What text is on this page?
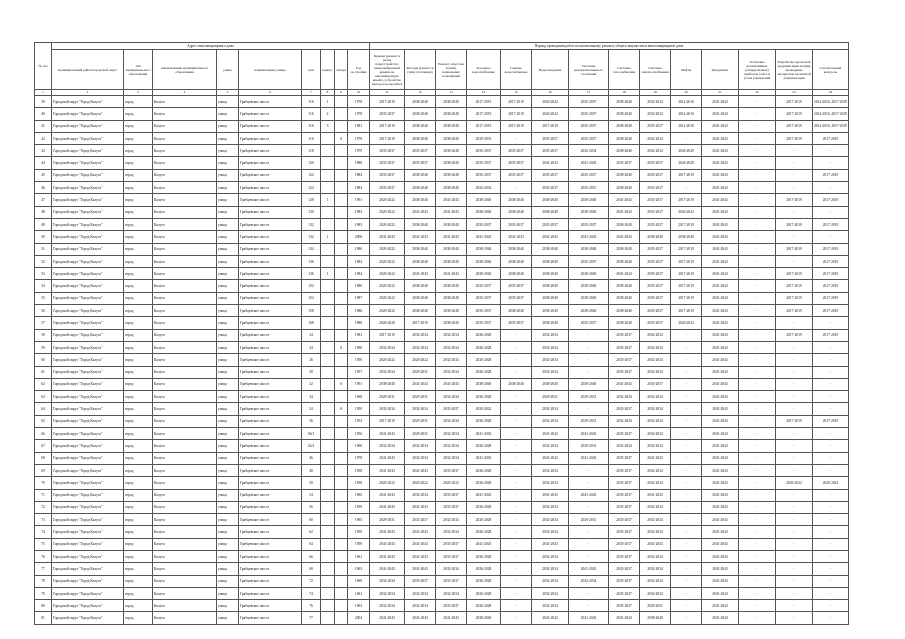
№ п/п	Адрес многоквартирного дома									Период проведения работ по капитальному ремонту общего имущества в многоквартирном доме													
	муниципальный район/городской округ	тип муниципального образования	наименование муниципального образования	улица	наименование улицы	дом	корпус	литера	Год постройки	Крыши (ремонт в (или) переустройство невентилируемой крыши на вентилируемую крышу, устройство выходов на кровлю)	Фасады (ремонт и (или) утепление)	Ремонт отмостки и (или) подвальных помещений	Холодное водоснабжение	Горячее водоснабжение	Водоотведение	Системы централизованного отопления	Системы газоснабжения	Системы электроснабжения	Лифты	Фундамент	Установка коллективных (общедомовых) приборов учета и узлов управления	Разработка проектной документации и (или) проведение экспертизы проектной документации	Строительный контроль
1	2	3	4	5	6	7	8	9	10	11	12	13	14	15	16	17	18	19	20	21	22	23	24
39	Городской округ "Город Калуга"	город	Калуга	улица	Грабцевское шоссе	116	1		1978	2017-2019	2038-2040	2038-2040	2017-2019	2017-2019	2020-2022	2035-2037	2038-2040	2032-2034	2014-2016	2041-2043	-	2017-2019	2014-2016, 2017-2019
40	Городской округ "Город Калуга"	город	Калуга	улица	Грабцевское шоссе	116	2		1978	2035-2037	2038-2040	2038-2040	2017-2019	2017-2019	2020-2022	2035-2037	2038-2040	2032-2034	2014-2016	2041-2043	-	2017-2019	2014-2016, 2017-2019
41	Городской округ "Город Калуга"	город	Калуга	улица	Грабцевское шоссе	116	3		1981	2017-2019	2038-2040	2038-2040	2017-2019	2017-2019	2017-2019	2035-2037	2038-2040	2035-2037	2014-2016	2041-2043	-	2017-2019	2014-2016, 2017-2019
42	Городской округ "Город Калуга"	город	Калуга	улица	Грабцевское шоссе	116		А	1978	2017-2019	2038-2040	2038-2040	2029-2031	-	2035-2037	2035-2037	2038-2040	2032-2034	-	2041-2043	-	2017-2019	2017-2019
43	Городской округ "Город Калуга"	город	Калуга	улица	Грабцевское шоссе	118			1979	2035-2037	2035-2037	2038-2040	2035-2037	2035-2037	2035-2037	2032-2034	2038-2040	2032-2034	2026-2028	2041-2043	-	-	-
44	Городской округ "Город Калуга"	город	Калуга	улица	Грабцевское шоссе	120			1988	2035-2037	2035-2037	2038-2040	2035-2037	2035-2037	2041-2043	2041-2043	2035-2037	2035-2037	2026-2028	2041-2043	-	-	-
45	Городской округ "Город Калуга"	город	Калуга	улица	Грабцевское шоссе	122			1882	2035-2037	2038-2040	2038-2040	2035-2037	2035-2037	2035-2037	2035-2037	2038-2040	2035-2037	2017-2019	2041-2043	-	-	2017-2019
46	Городской округ "Город Калуга"	город	Калуга	улица	Грабцевское шоссе	124			1884	2035-2037	2038-2040	2038-2040	2032-2034	-	2035-2037	2035-2037	2038-2040	2035-2037	-	2041-2043	-	-	-
47	Городской округ "Город Калуга"	город	Калуга	улица	Грабцевское шоссе	128	1		1991	2020-2022	2038-2040	2041-2043	2038-2040	2038-2040	2038-2040	2038-2040	2041-2043	2035-2037	2017-2019	2041-2043	-	2017-2019	2017-2019
48	Городской округ "Город Калуга"	город	Калуга	улица	Грабцевское шоссе	130			1983	2020-2022	2041-2043	2041-2043	2038-2040	2038-2040	2038-2040	2038-2040	2041-2043	2035-2037	2020-2022	2041-2043	-	-	-
49	Городской округ "Город Калуга"	город	Калуга	улица	Грабцевское шоссе	132			1983	2020-2022	2038-2040	2038-2040	2035-2037	2035-2037	2035-2037	2035-2037	2038-2040	2035-2037	2017-2019	2041-2043	-	2017-2019	2017-2019
50	Городской округ "Город Калуга"	город	Калуга	улица	Грабцевское шоссе	132	1		2006	2041-2043	2041-2043	2041-2043	2041-2043	2041-2043	2041-2043	2041-2043	2041-2043	2038-2040	2038-2040	2041-2043	-	-	-
51	Городской округ "Город Калуга"	город	Калуга	улица	Грабцевское шоссе	134			1986	2020-2022	2038-2040	2038-2040	2038-2040	2038-2040	2038-2040	2038-2040	2038-2040	2035-2037	2017-2019	2041-2043	-	2017-2019	2017-2019
52	Городской округ "Город Калуга"	город	Калуга	улица	Грабцевское шоссе	136			1984	2020-2022	2038-2040	2038-2040	2038-2040	2038-2040	2038-2040	2035-2037	2038-2040	2035-2037	2017-2019	2041-2043	-	-	2017-2019
53	Городской округ "Город Калуга"	город	Калуга	улица	Грабцевское шоссе	136	1		1984	2020-2022	2041-2043	2041-2043	2038-2040	2038-2040	2038-2040	2038-2040	2041-2043	2035-2037	2017-2019	2041-2043	-	2017-2019	2017-2019
54	Городской округ "Город Калуга"	город	Калуга	улица	Грабцевское шоссе	152			1986	2020-2022	2038-2040	2038-2040	2035-2037	2035-2037	2038-2040	2038-2040	2038-2040	2035-2037	2017-2019	2041-2043	-	2017-2019	2017-2019
55	Городской округ "Город Калуга"	город	Калуга	улица	Грабцевское шоссе	154			1987	2020-2022	2038-2040	2038-2040	2035-2037	2035-2037	2038-2040	2038-2040	2038-2040	2035-2037	2017-2019	2041-2043	-	2017-2019	2017-2019
56	Городской округ "Город Калуга"	город	Калуга	улица	Грабцевское шоссе	158			1986	2020-2022	2038-2040	2038-2040	2035-2037	2038-2040	2038-2040	2038-2040	2038-2040	2035-2037	2017-2019	2041-2043	-	2017-2019	2017-2019
57	Городской округ "Город Калуга"	город	Калуга	улица	Грабцевское шоссе	168			1988	2026-2028	2017-2019	2038-2040	2035-2037	2035-2037	2038-2040	2035-2037	2038-2040	2035-2037	2020-2022	2041-2043	-	-	-
58	Городской округ "Город Калуга"	город	Калуга	улица	Грабцевское шоссе	24			1981	2017-2019	2032-2034	2032-2034	2026-2028	-	2032-2034	-	2035-2037	2032-2034	-	2041-2043	-	2017-2019	2017-2019
59	Городской округ "Город Калуга"	город	Калуга	улица	Грабцевское шоссе	24		А	1990	2032-2034	2032-2034	2032-2034	2026-2028	-	2032-2034	-	2035-2037	2032-2034	-	2041-2043	-	-	-
60	Городской округ "Город Калуга"	город	Калуга	улица	Грабцевское шоссе	26			1950	2020-2022	2020-2022	2032-2034	2026-2028	-	2032-2034	-	2035-2037	2032-2034	-	2041-2043	-	-	-
61	Городской округ "Город Калуга"	город	Калуга	улица	Грабцевское шоссе	30			1957	2032-2034	2029-2031	2032-2034	2026-2028	-	2032-2034	-	2035-2037	2032-2034	-	2041-2043	-	-	-
62	Городской округ "Город Калуга"	город	Калуга	улица	Грабцевское шоссе	32		А	1991	2038-2040	2041-2043	2041-2043	2038-2040	2038-2040	2038-2040	2038-2040	2041-2043	2035-2037	-	2041-2043	-	-	-
63	Городской округ "Город Калуга"	город	Калуга	улица	Грабцевское шоссе	34			1968	2029-2031	2029-2031	2032-2034	2026-2028	-	2029-2031	2029-2031	2032-2034	2032-2034	-	2041-2043	-	-	-
64	Городской округ "Город Калуга"	город	Калуга	улица	Грабцевское шоссе	34		А	1959	2032-2034	2032-2034	2035-2037	2020-2022	-	2032-2034	-	2035-2037	2032-2034	-	2041-2043	-	-	-
65	Городской округ "Город Калуга"	город	Калуга	улица	Грабцевское шоссе	36			1953	2017-2019	2029-2031	2032-2034	2026-2028	-	2032-2034	2029-2031	2032-2034	2032-2034	-	2041-2043	-	2017-2019	2017-2019
66	Городской округ "Город Калуга"	город	Калуга	улица	Грабцевское шоссе	36/1			1956	2041-2043	2029-2031	2032-2034	2041-2043	-	2041-2043	2041-2043	2035-2037	2032-2034	-	2041-2043	-	-	-
67	Городской округ "Город Калуга"	город	Калуга	улица	Грабцевское шоссе	42/2			1960	2032-2034	2032-2034	2032-2034	2026-2028	-	2032-2034	2029-2031	2032-2034	2032-2034	-	2041-2043	-	-	-
68	Городской округ "Город Калуга"	город	Калуга	улица	Грабцевское шоссе	46			1978	2041-2043	2032-2034	2032-2034	2041-2043	-	2041-2043	2041-2043	2035-2037	2041-2043	-	2041-2043	-	-	-
69	Городской округ "Город Калуга"	город	Калуга	улица	Грабцевское шоссе	48			1958	2041-2043	2041-2043	2035-2037	2026-2028	-	2032-2034	-	2035-2037	2032-2034	-	2041-2043	-	-	-
70	Городской округ "Город Калуга"	город	Калуга	улица	Грабцевское шоссе	50			1958	2020-2022	2020-2022	2020-2022	2026-2028	-	2032-2034	-	2035-2037	2032-2034	-	2041-2043	-	2020-2022	2020-2022
71	Городской округ "Город Калуга"	город	Калуга	улица	Грабцевское шоссе	54			1965	2041-2043	2032-2034	2035-2037	2041-2043	-	2041-2043	2041-2043	2035-2037	2041-2043	-	2041-2043	-	-	-
72	Городской округ "Город Калуга"	город	Калуга	улица	Грабцевское шоссе	56			1959	2041-2043	2041-2043	2035-2037	2026-2028	-	2032-2034	-	2035-2037	2032-2034	-	2041-2043	-	-	-
73	Городской округ "Город Калуга"	город	Калуга	улица	Грабцевское шоссе	60			1965	2029-2031	2035-2037	2032-2034	2026-2028	-	2032-2034	2029-2031	2035-2037	2032-2034	-	2041-2043	-	-	-
74	Городской округ "Город Калуга"	город	Калуга	улица	Грабцевское шоссе	62			1959	2041-2043	2041-2043	2032-2034	2026-2028	-	2032-2034	-	2035-2037	2032-2034	-	2041-2043	-	-	-
75	Городской округ "Город Калуга"	город	Калуга	улица	Грабцевское шоссе	64			1959	2041-2043	2041-2043	2035-2037	2041-2043	-	2041-2043	-	2035-2037	2041-2043	-	2041-2043	-	-	-
76	Городской округ "Город Калуга"	город	Калуга	улица	Грабцевское шоссе	66			1961	2041-2043	2041-2043	2035-2037	2026-2028	-	2032-2034	-	2035-2037	2032-2034	-	2041-2043	-	-	-
77	Городской округ "Город Калуга"	город	Калуга	улица	Грабцевское шоссе	68			1963	2041-2043	2041-2043	2032-2034	2026-2028	-	2032-2034	2041-2043	2035-2037	2032-2034	-	2041-2043	-	-	-
78	Городской округ "Город Калуга"	город	Калуга	улица	Грабцевское шоссе	72			1969	2032-2034	2035-2037	2035-2037	2026-2028	-	2032-2034	2032-2034	2035-2037	2032-2034	-	2041-2043	-	-	-
79	Городской округ "Город Калуга"	город	Калуга	улица	Грабцевское шоссе	74			1961	2032-2034	2032-2034	2032-2034	2026-2028	-	2032-2034	-	2035-2037	2032-2034	-	2041-2043	-	-	-
80	Городской округ "Город Калуга"	город	Калуга	улица	Грабцевское шоссе	76			1963	2032-2034	2032-2034	2035-2037	2026-2028	-	2032-2034	-	2035-2037	2029-2031	-	2041-2043	-	-	-
81	Городской округ "Город Калуга"	город	Калуга	улица	Грабцевское шоссе	77			2004	2041-2043	2041-2043	2041-2043	2038-2040	-	2041-2043	2041-2043	2041-2043	2038-2040	-	2041-2043	-	-	-
